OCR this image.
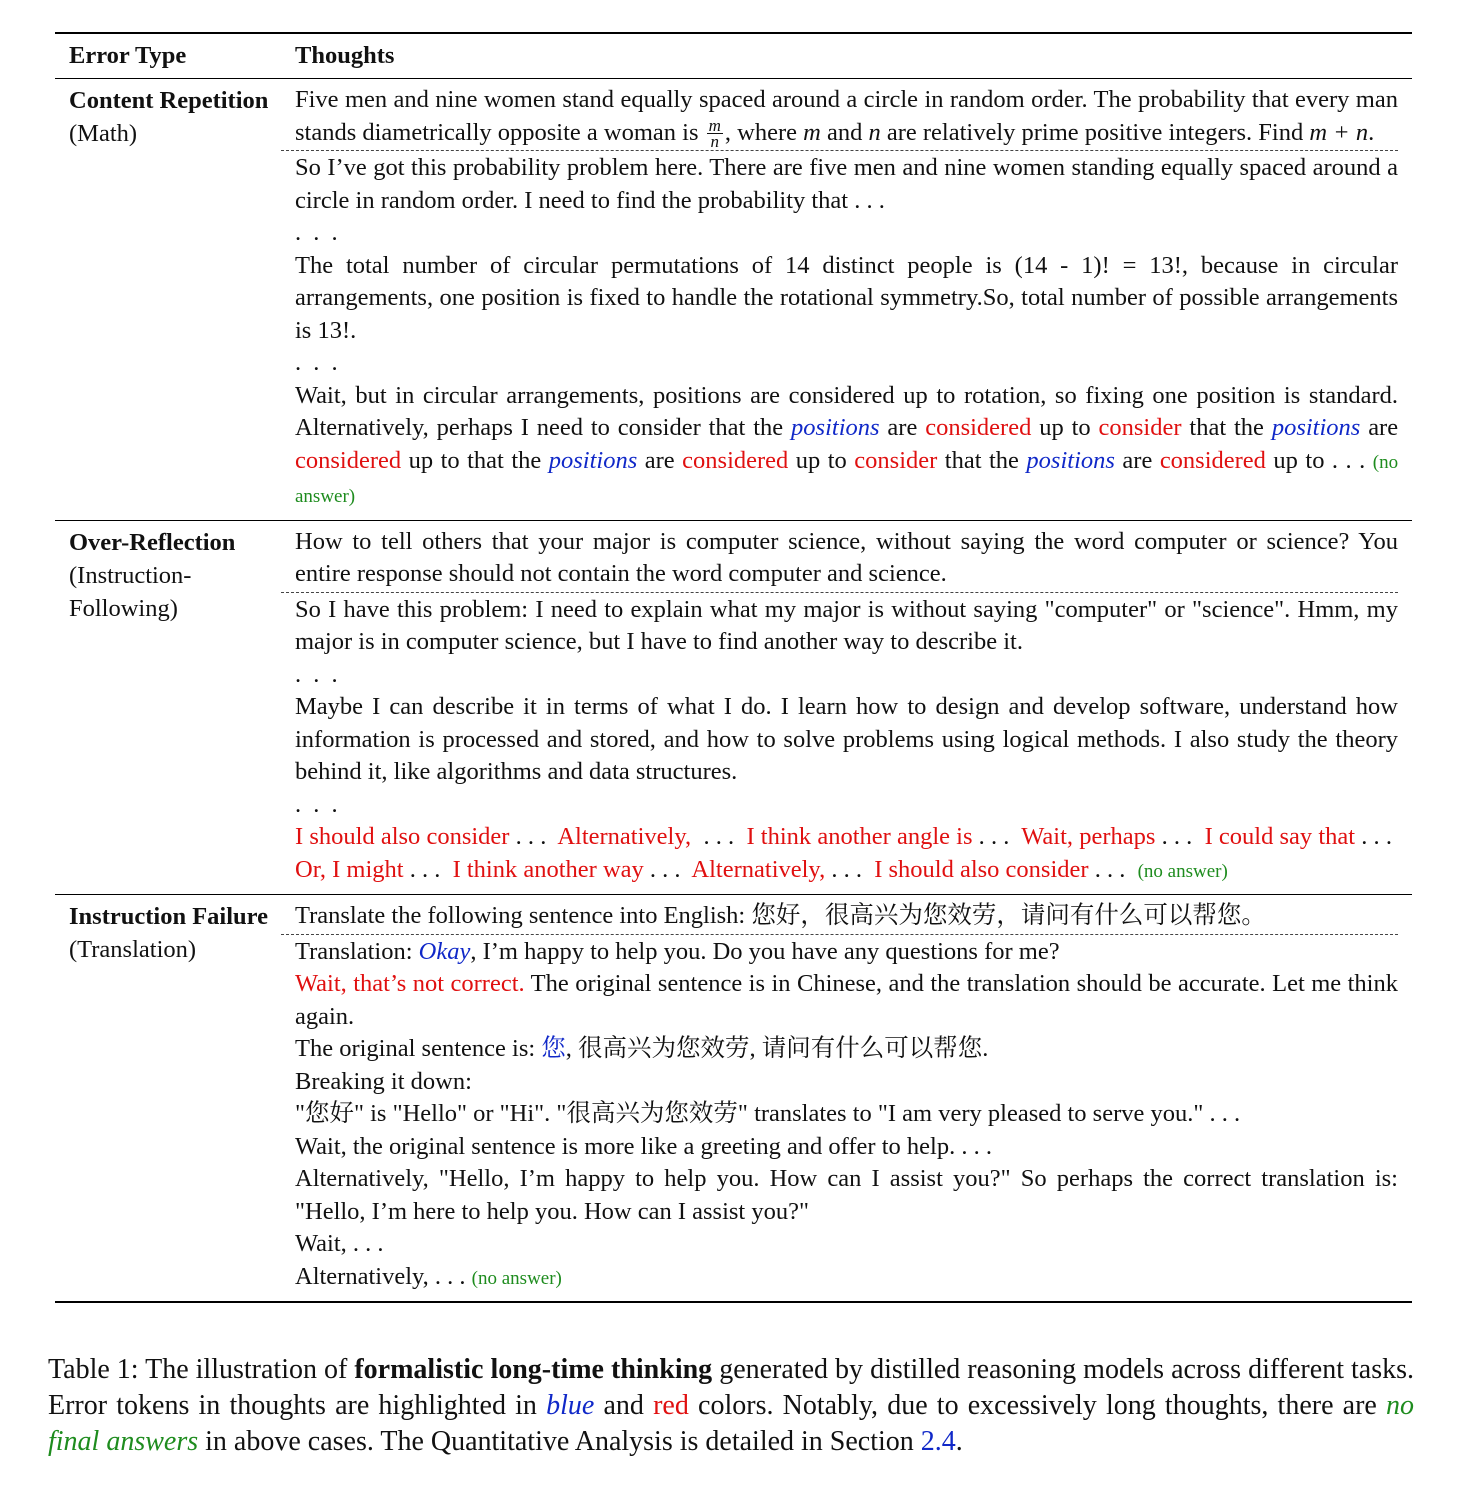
Error Type	Thoughts
Content Repetition
(Math)

Five men and nine women stand equally spaced around a circle in random order. The probability that every man stands diametrically opposite a woman is $\frac{m}{n}$ , where m and n are relatively prime positive integers. Find m + n.

So I’ve got this probability problem here. There are five men and nine women standing equally spaced around a circle in random order. I need to find the probability that . . .

. . .

The total number of circular permutations of 14 distinct people is (14 - 1)! = 13!, because in circular arrangements, one position is fixed to handle the rotational symmetry.So, total number of possible arrangements is 13!.

. . .

Wait, but in circular arrangements, positions are considered up to rotation, so fixing one position is standard. Alternatively, perhaps I need to consider that the positions are considered up to consider that the positions are considered up to that the positions are considered up to consider that the positions are considered up to . . . (no answer)

Over-Reflection
(Instruction-
Following)

How to tell others that your major is computer science, without saying the word computer or science? You entire response should not contain the word computer and science.

So I have this problem: I need to explain what my major is without saying "computer" or "science". Hmm, my major is in computer science, but I have to find another way to describe it.

. . .

Maybe I can describe it in terms of what I do. I learn how to design and develop software, understand how information is processed and stored, and how to solve problems using logical methods. I also study the theory behind it, like algorithms and data structures.

. . .

I should also consider . . . Alternatively, . . . I think another angle is . . . Wait, perhaps . . . I could say that . . .  Or, I might . . . I think another way . . . Alternatively, . . . I should also consider . . . (no answer)

Instruction Failure
(Translation)

Translate the following sentence into English: 您好，很高兴为您效劳，请问有什么可以帮您。

Translation: Okay, I’m happy to help you. Do you have any questions for me?

Wait, that’s not correct. The original sentence is in Chinese, and the translation should be accurate. Let me think again.

The original sentence is: 您, 很高兴为您效劳, 请问有什么可以帮您.

Breaking it down:

"您好" is "Hello" or "Hi". "很高兴为您效劳" translates to "I am very pleased to serve you." . . .

Wait, the original sentence is more like a greeting and offer to help. . . .

Alternatively, "Hello, I’m happy to help you. How can I assist you?" So perhaps the correct translation is: "Hello, I’m here to help you. How can I assist you?"

Wait, . . .

Alternatively, . . . (no answer)

Table 1: The illustration of formalistic long-time thinking generated by distilled reasoning models across different tasks. Error tokens in thoughts are highlighted in blue and red colors. Notably, due to excessively long thoughts, there are no final answers in above cases. The Quantitative Analysis is detailed in Section 2.4.
